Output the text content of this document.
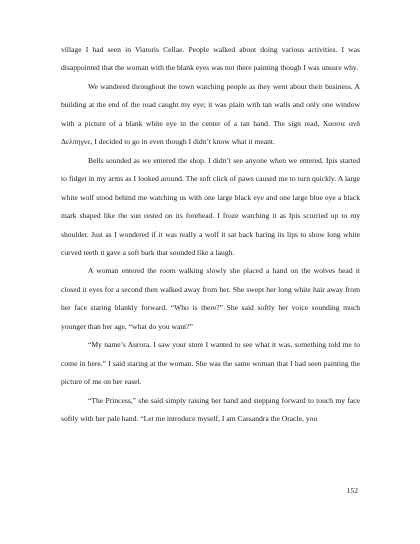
village I had seen in Viatoris Cellae. People walked about doing various activities. I was disappointed that the woman with the blank eyes was not there painting though I was unsure why.

We wandered throughout the town watching people as they went about their business. A building at the end of the road caught my eye; it was plain with tan walls and only one window with a picture of a blank white eye in the center of a tan hand. The sign read, Χασσιε ανδ Δελπηγνε, I decided to go in even though I didn’t know what it meant.

Bells sounded as we entered the shop. I didn’t see anyone when we entered. Ipis started to fidget in my arms as I looked around. The soft click of paws caused me to turn quickly. A large white wolf stood behind me watching us with one large black eye and one large blue eye a black mark shaped like the sun rested on its forehead. I froze watching it as Ipis scurried up to my shoulder. Just as I wondered if it was really a wolf it sat back baring its lips to show long white curved teeth it gave a soft bark that sounded like a laugh.

A woman entered the room walking slowly she placed a hand on the wolves head it closed it eyes for a second then walked away from her. She swept her long white hair away from her face staring blankly forward. “Who is there?” She said softly her voice sounding much younger than her age, “what do you want?”

“My name’s Aurora, I saw your store I wanted to see what it was, something told me to come in here.” I said staring at the woman. She was the same woman that I had seen painting the picture of me on her easel.

“The Princess,” she said simply raising her hand and stepping forward to touch my face softly with her pale hand. “Let me introduce myself, I am Cassandra the Oracle, you

152
